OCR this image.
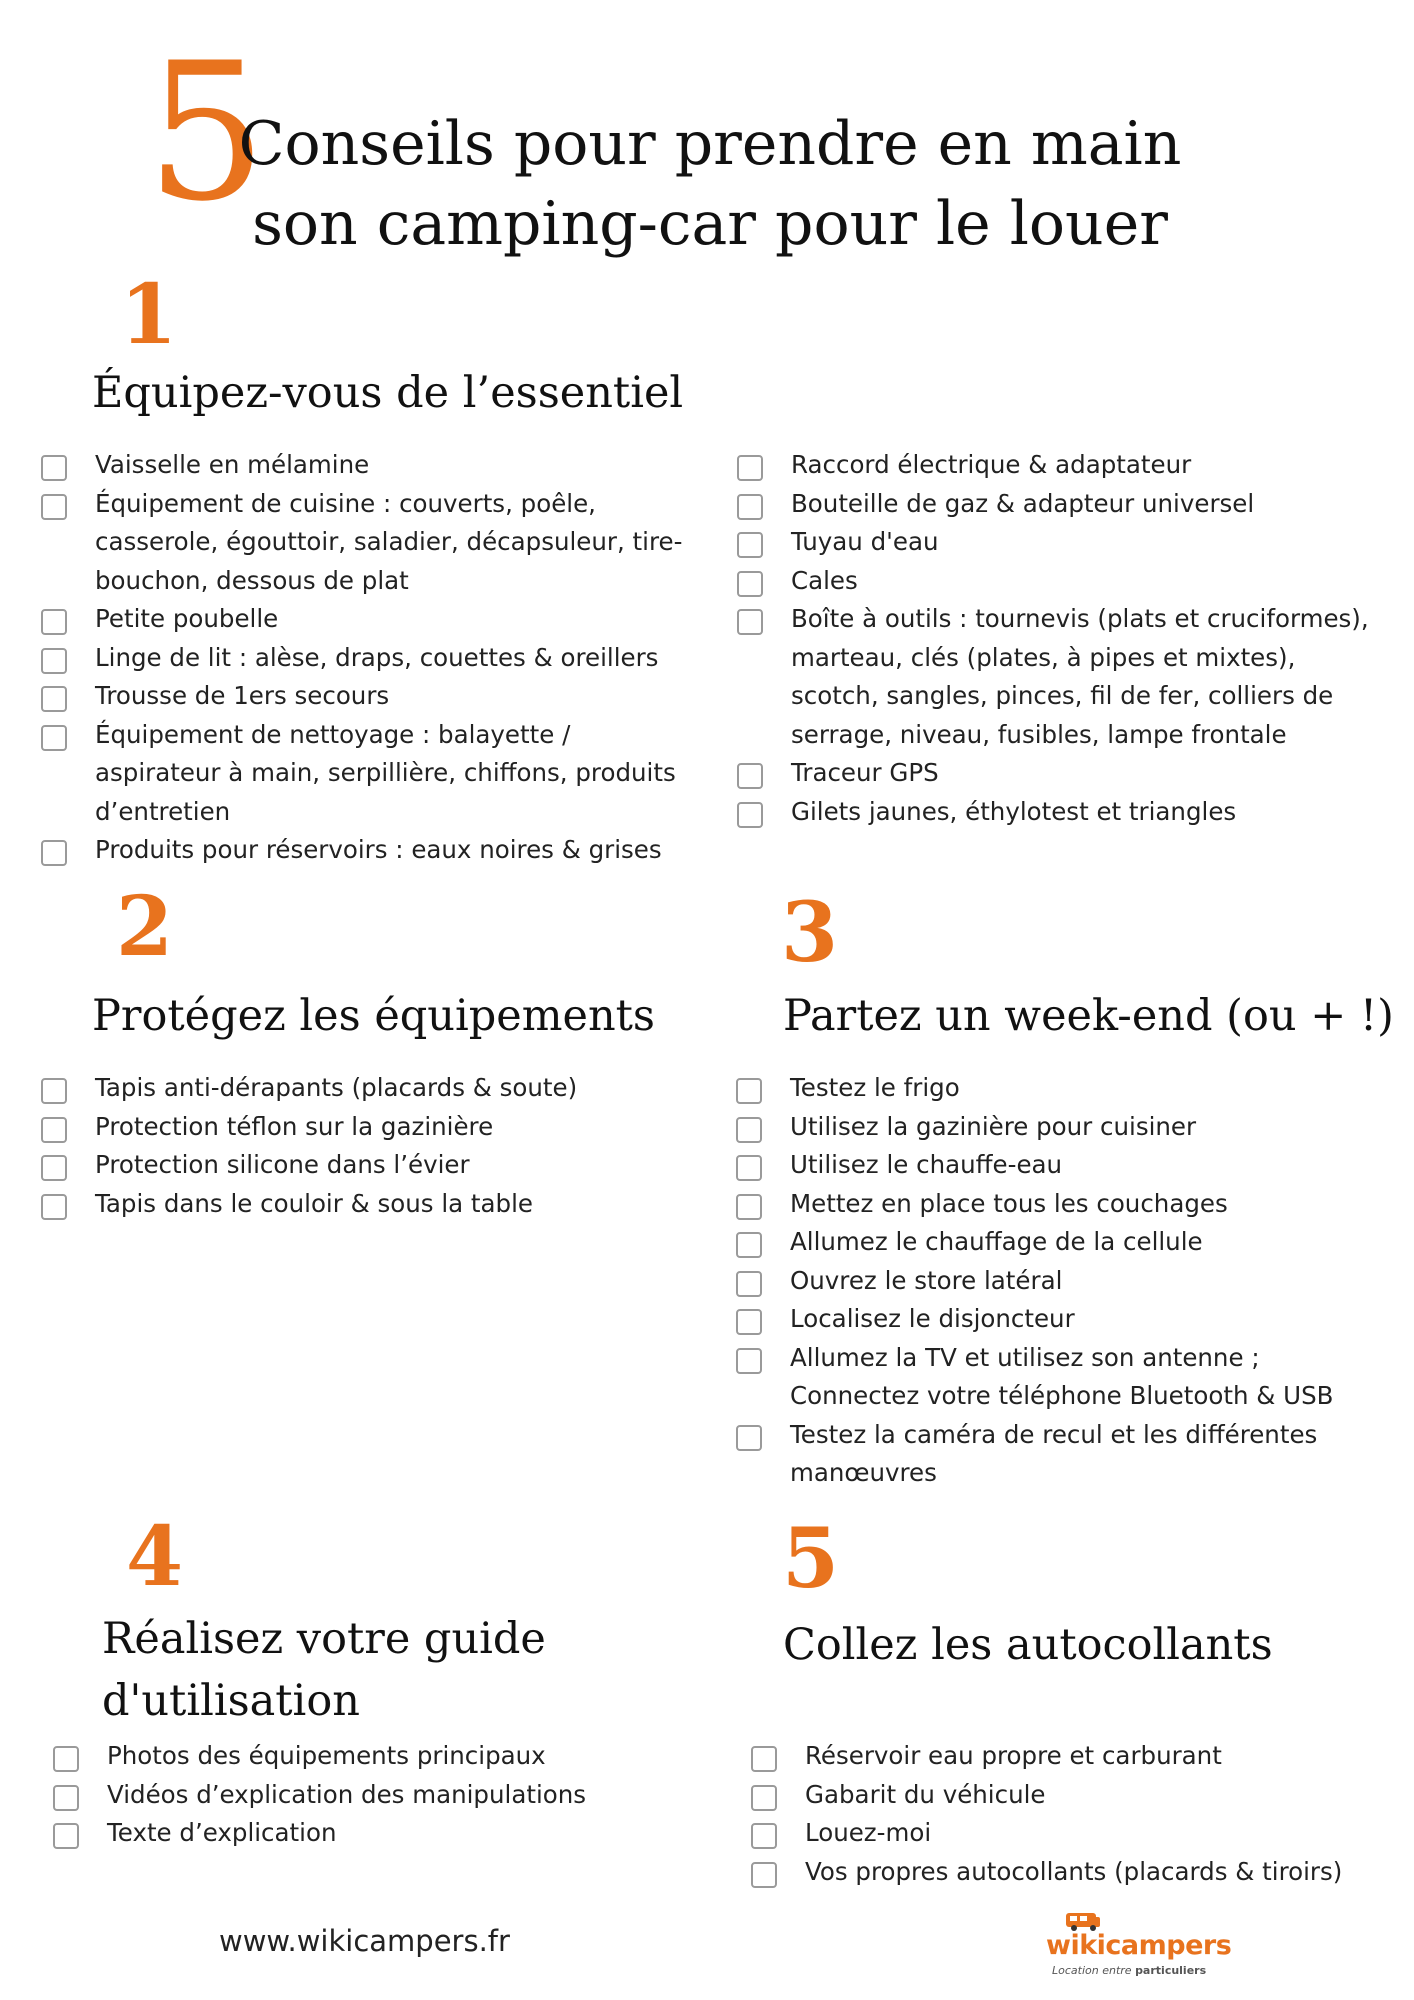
5
Conseils pour prendre en main
son camping-car pour le louer
1
Équipez-vous de l’essentiel
Vaisselle en mélamine
Équipement de cuisine : couverts, poêle, casserole, égouttoir, saladier, décapsuleur, tire-bouchon, dessous de plat
Petite poubelle
Linge de lit : alèse, draps, couettes & oreillers
Trousse de 1ers secours
Équipement de nettoyage : balayette / aspirateur à main, serpillière, chiffons, produits d’entretien
Produits pour réservoirs : eaux noires & grises
Raccord électrique & adaptateur
Bouteille de gaz & adapteur universel
Tuyau d'eau
Cales
Boîte à outils : tournevis (plats et cruciformes), marteau, clés (plates, à pipes et mixtes), scotch, sangles, pinces, fil de fer, colliers de serrage, niveau, fusibles, lampe frontale
Traceur GPS
Gilets jaunes, éthylotest et triangles
2
Protégez les équipements
Tapis anti-dérapants (placards & soute)
Protection téflon sur la gazinière
Protection silicone dans l’évier
Tapis dans le couloir & sous la table
3
Partez un week-end (ou + !)
Testez le frigo
Utilisez la gazinière pour cuisiner
Utilisez le chauffe-eau
Mettez en place tous les couchages
Allumez le chauffage de la cellule
Ouvrez le store latéral
Localisez le disjoncteur
Allumez la TV et utilisez son antenne ; Connectez votre téléphone Bluetooth & USB
Testez la caméra de recul et les différentes manœuvres
4
Réalisez votre guide d'utilisation
Photos des équipements principaux
Vidéos d’explication des manipulations
Texte d’explication
5
Collez les autocollants
Réservoir eau propre et carburant
Gabarit du véhicule
Louez-moi
Vos propres autocollants (placards & tiroirs)
www.wikicampers.fr	wikicampers
Location entre particuliers
